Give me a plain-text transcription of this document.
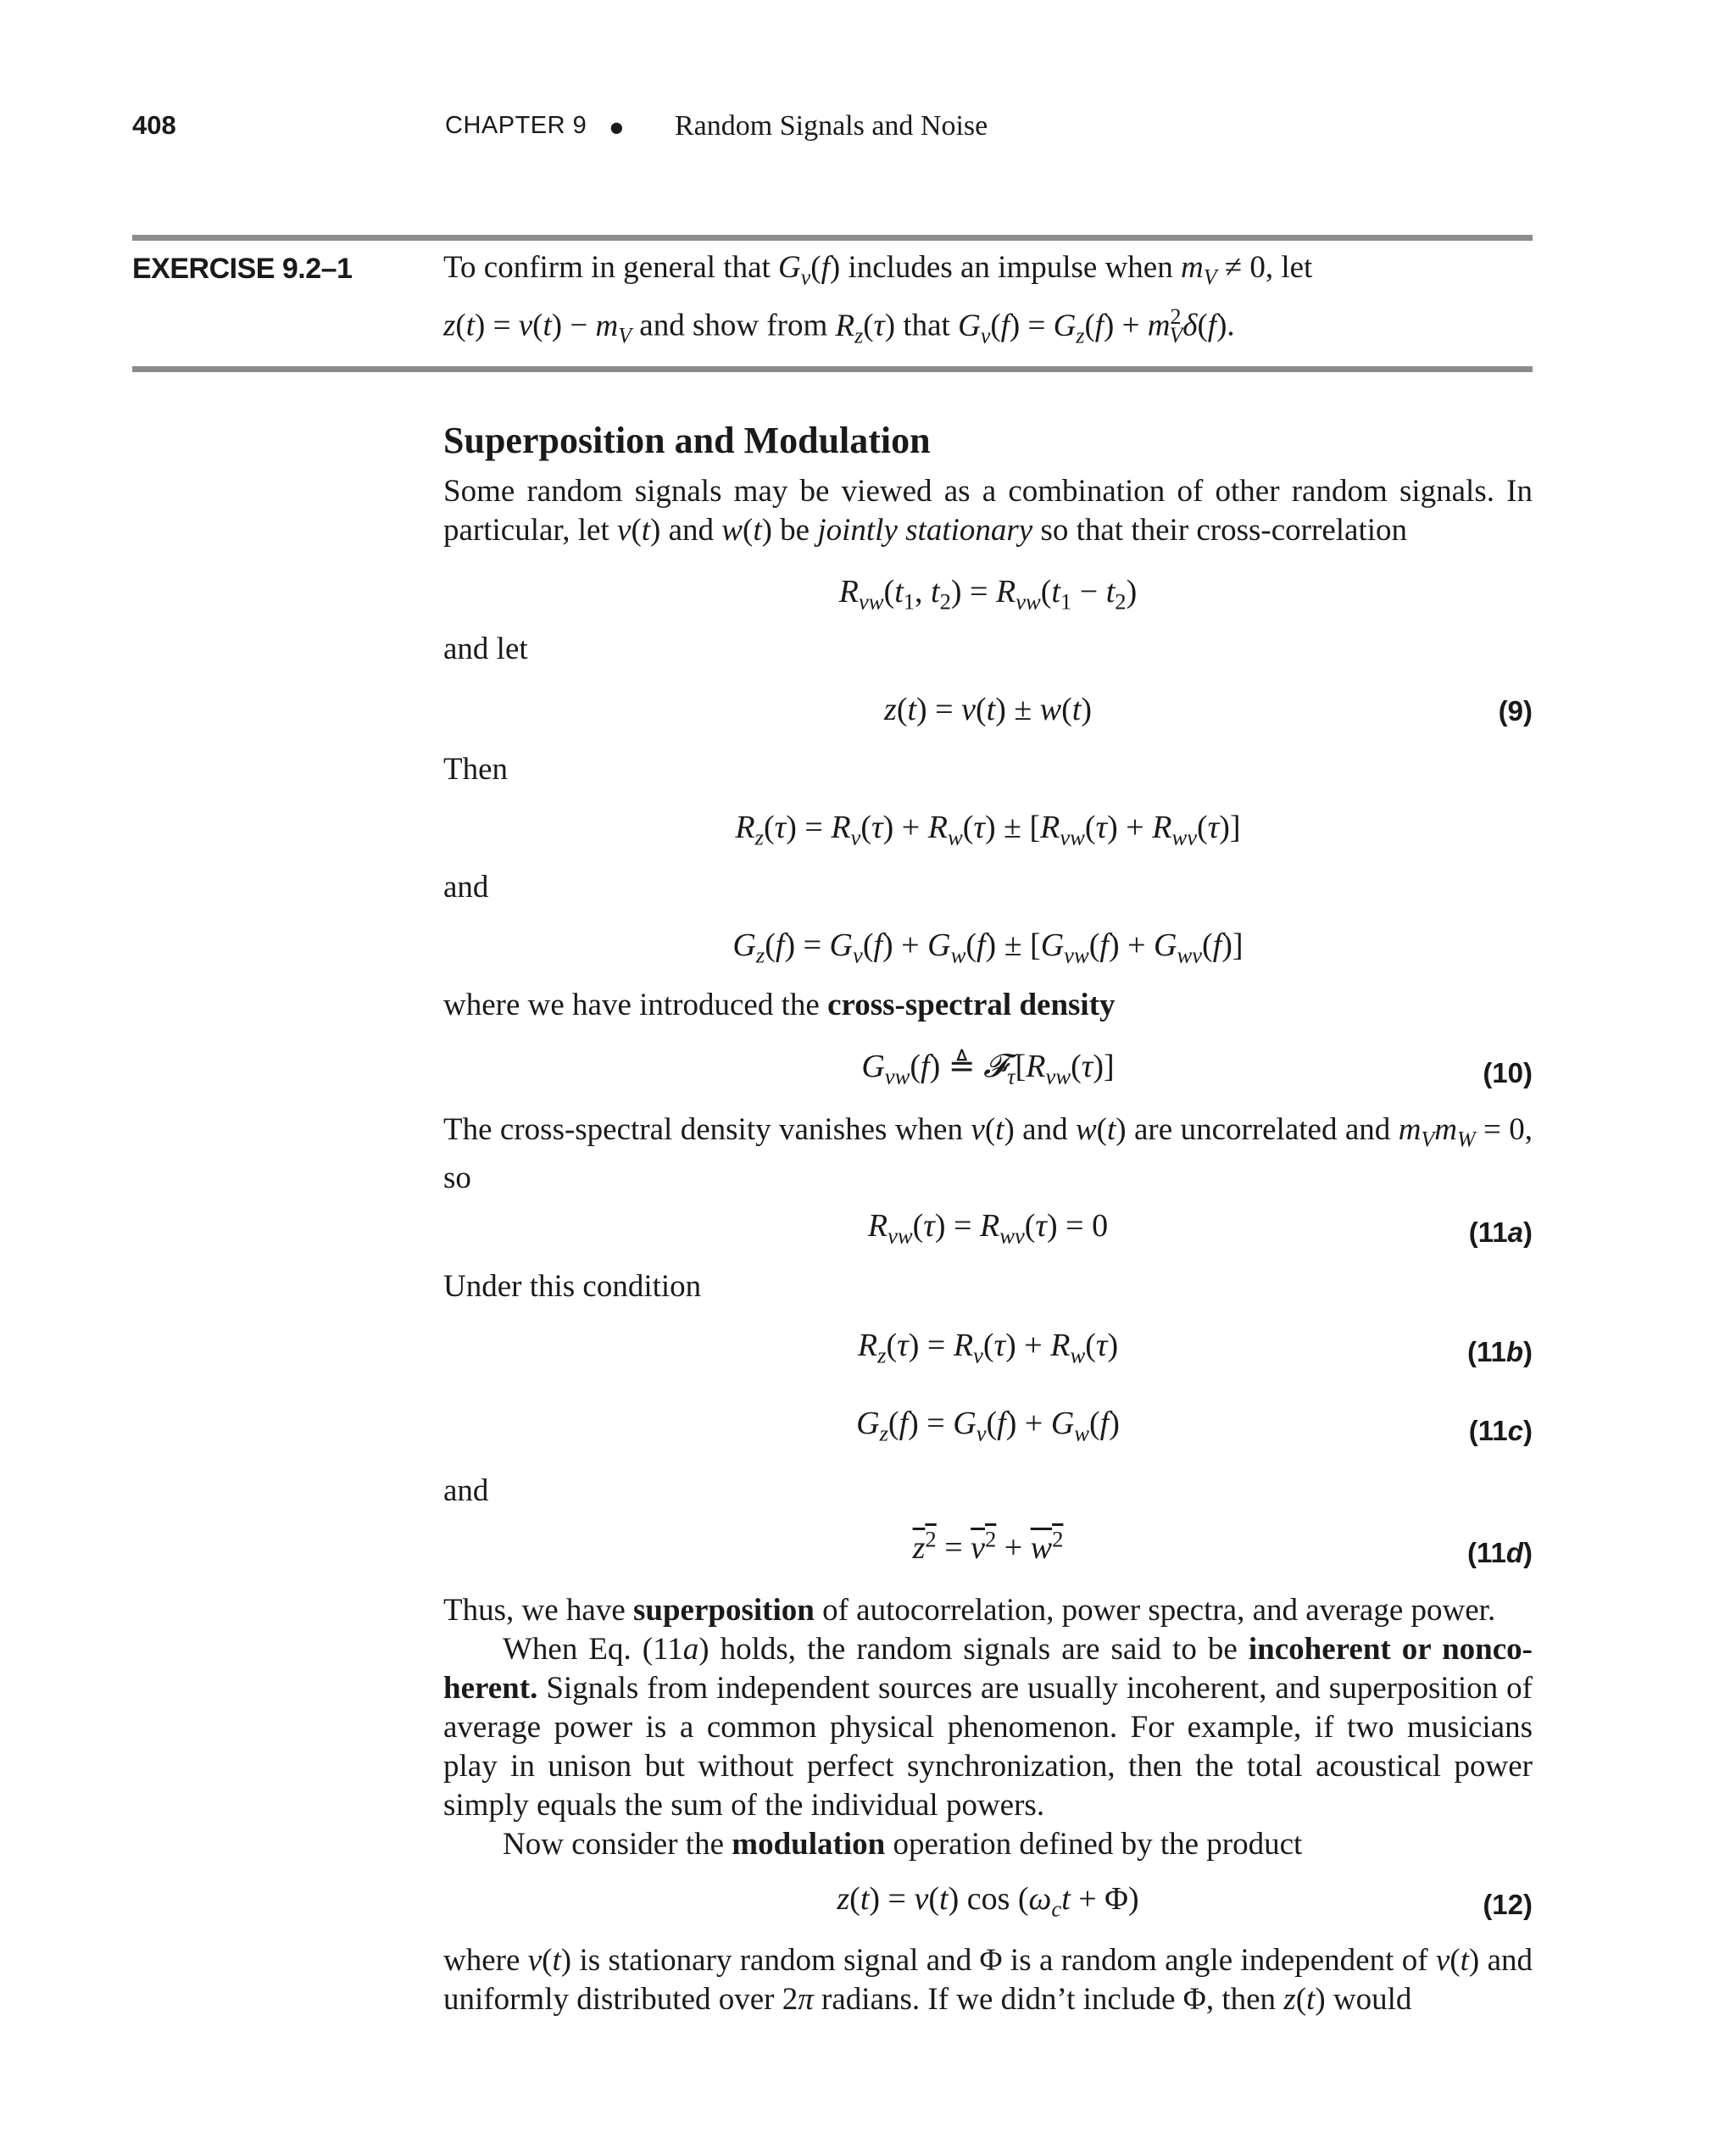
408	CHAPTER 9 ● Random Signals and Noise
EXERCISE 9.2–1	To confirm in general that $G_v(f)$ includes an impulse when $m_V \ne 0$, let
$z(t) = v(t) - m_V$ and show from $R_z(\tau)$ that $G_v(f) = G_z(f) + m^2_V\delta(f)$.
Superposition and Modulation
Some random signals may be viewed as a combination of other random signals. In particular, let v(t) and w(t) be jointly stationary so that their cross-correlation
$R_{vw}(t_1$, $t_2) = R_{vw}(t_1 - t_2)$
and let
z(t) = v(t) ± w(t)	(9)
Then
$R_z(\tau) = R_v(\tau) + R_w(\tau) \pm [R_{vw}(\tau) + R_{wv}(\tau)]$
and
$G_z(f) = G_v(f) + G_w(f) \pm [G_{vw}(f) + G_{wv}(f)]$
where we have introduced the cross-spectral density
$G_{vw}(f)$ ≜ $𝓕_\tau[R_{vw}(\tau)]$	(10)
The cross-spectral density vanishes when v(t) and w(t) are uncorrelated and $m_Vm_W = 0$, so
$R_{vw}(\tau) = R_{wv}(\tau) = 0$	(11a)
Under this condition
$R_z(\tau) = R_v(\tau) + R_w(\tau)$	(11b)
$G_z(f) = G_v(f) + G_w(f)$	(11c)
and
$z^2 = v^2 + w^2$	(11d)
Thus, we have superposition of autocorrelation, power spectra, and average power.
When Eq. (11a) holds, the random signals are said to be incoherent or noncoherent. Signals from independent sources are usually incoherent, and superposition of average power is a common physical phenomenon. For example, if two musicians play in unison but without perfect synchronization, then the total acoustical power simply equals the sum of the individual powers.
Now consider the modulation operation defined by the product
z(t) = v(t) $\cos (\omega_ct + \Phi)$	(12)
where v(t) is stationary random signal and Φ is a random angle independent of v(t) and uniformly distributed over 2π radians. If we didn’t include Φ, then z(t) would
